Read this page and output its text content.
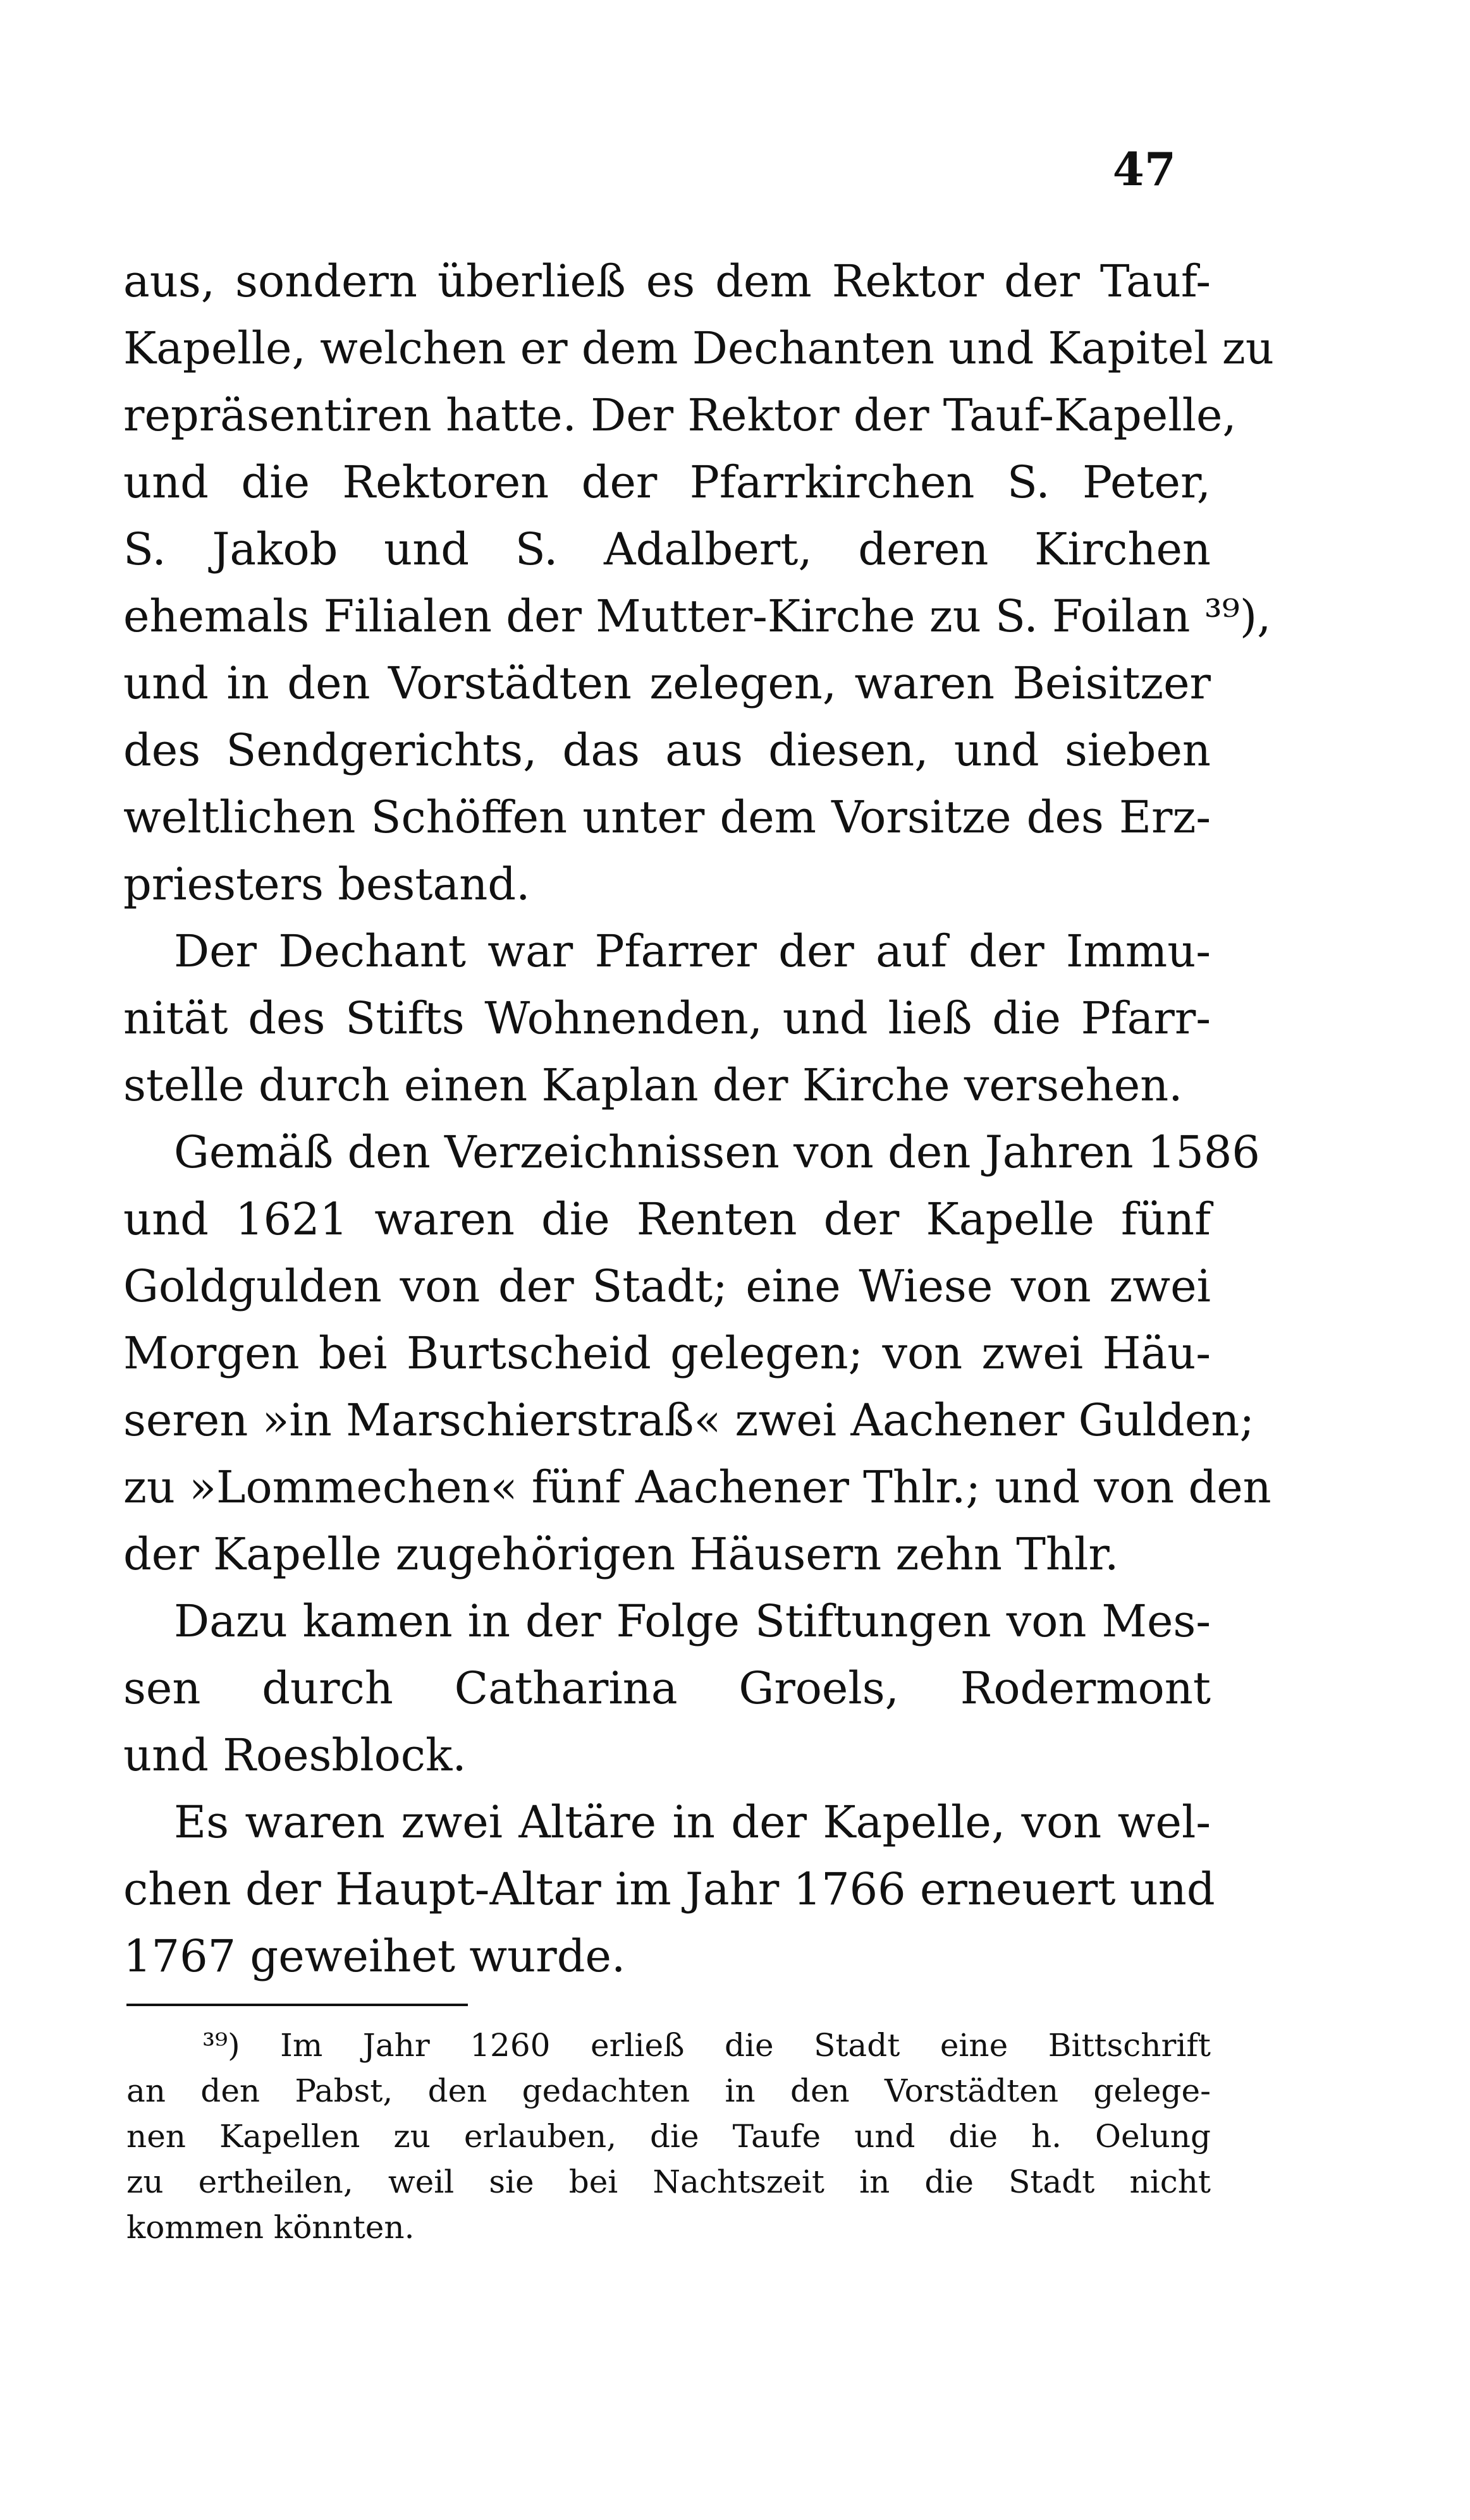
47
aus, sondern überließ es dem Rektor der Tauf-
Kapelle, welchen er dem Dechanten und Kapitel zu
repräsentiren hatte. Der Rektor der Tauf-Kapelle,
und die Rektoren der Pfarrkirchen S. Peter,
S. Jakob und S. Adalbert, deren Kirchen
ehemals Filialen der Mutter-Kirche zu S. Foilan ³⁹),
und in den Vorstädten zelegen, waren Beisitzer
des Sendgerichts, das aus diesen, und sieben
weltlichen Schöffen unter dem Vorsitze des Erz-
priesters bestand.
Der Dechant war Pfarrer der auf der Immu-
nität des Stifts Wohnenden, und ließ die Pfarr-
stelle durch einen Kaplan der Kirche versehen.
Gemäß den Verzeichnissen von den Jahren 1586
und 1621 waren die Renten der Kapelle fünf
Goldgulden von der Stadt; eine Wiese von zwei
Morgen bei Burtscheid gelegen; von zwei Häu-
seren »in Marschierstraß« zwei Aachener Gulden;
zu »Lommechen« fünf Aachener Thlr.; und von den
der Kapelle zugehörigen Häusern zehn Thlr.
Dazu kamen in der Folge Stiftungen von Mes-
sen durch Catharina Groels, Rodermont
und Roesblock.
Es waren zwei Altäre in der Kapelle, von wel-
chen der Haupt-Altar im Jahr 1766 erneuert und
1767 geweihet wurde.
³⁹) Im Jahr 1260 erließ die Stadt eine Bittschrift
an den Pabst, den gedachten in den Vorstädten gelege-
nen Kapellen zu erlauben, die Taufe und die h. Oelung
zu ertheilen, weil sie bei Nachtszeit in die Stadt nicht
kommen könnten.
